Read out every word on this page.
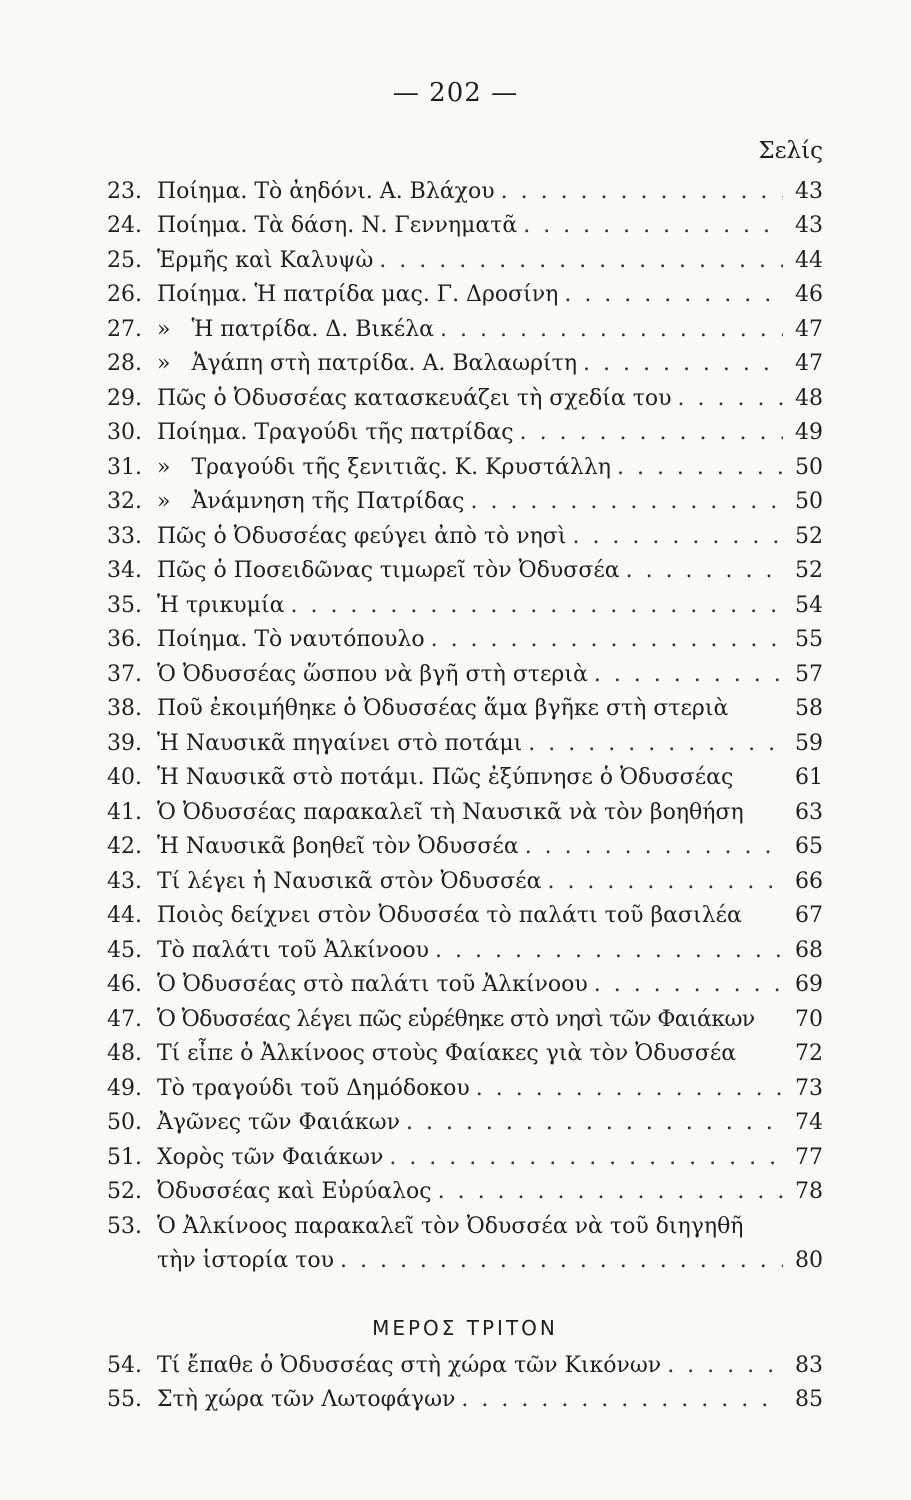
— 202 —
Σελίς
23. Ποίημα. Τὸ ἀηδόνι. Α. Βλάχου . . .	43
24. Ποίημα. Τὰ δάση. Ν. Γεννηματᾶ . . .	43
25. Ἑρμῆς καὶ Καλυψὼ . . .	44
26. Ποίημα. Ἡ πατρίδα μας. Γ. Δροσίνη . . .	46
27. »   Ἡ πατρίδα. Δ. Βικέλα . . .	47
28. »   Ἀγάπη στὴ πατρίδα. Α. Βαλαωρίτη . . .	47
29. Πῶς ὁ Ὀδυσσέας κατασκευάζει τὴ σχεδία του . . .	48
30. Ποίημα. Τραγούδι τῆς πατρίδας . . .	49
31. »   Τραγούδι τῆς ξενιτιᾶς. Κ. Κρυστάλλη . . .	50
32. »   Ἀνάμνηση τῆς Πατρίδας . . .	50
33. Πῶς ὁ Ὀδυσσέας φεύγει ἀπὸ τὸ νησὶ . . .	52
34. Πῶς ὁ Ποσειδῶνας τιμωρεῖ τὸν Ὀδυσσέα . . .	52
35. Ἡ τρικυμία . . .	54
36. Ποίημα. Τὸ ναυτόπουλο . . .	55
37. Ὁ Ὀδυσσέας ὥσπου νὰ βγῆ στὴ στεριὰ . . .	57
38. Ποῦ ἐκοιμήθηκε ὁ Ὀδυσσέας ἅμα βγῆκε στὴ στεριὰ	58
39. Ἡ Ναυσικᾶ πηγαίνει στὸ ποτάμι . . .	59
40. Ἡ Ναυσικᾶ στὸ ποτάμι. Πῶς ἐξύπνησε ὁ Ὀδυσσέας	61
41. Ὁ Ὀδυσσέας παρακαλεῖ τὴ Ναυσικᾶ νὰ τὸν βοηθήση	63
42. Ἡ Ναυσικᾶ βοηθεῖ τὸν Ὀδυσσέα . . .	65
43. Τί λέγει ἡ Ναυσικᾶ στὸν Ὀδυσσέα . . .	66
44. Ποιὸς δείχνει στὸν Ὀδυσσέα τὸ παλάτι τοῦ βασιλέα	67
45. Τὸ παλάτι τοῦ Ἀλκίνοου . . .	68
46. Ὁ Ὀδυσσέας στὸ παλάτι τοῦ Ἀλκίνοου . . .	69
47. Ὁ Ὀδυσσέας λέγει πῶς εὑρέθηκε στὸ νησὶ τῶν Φαιάκων	70
48. Τί εἶπε ὁ Ἀλκίνοος στοὺς Φαίακες γιὰ τὸν Ὀδυσσέα	72
49. Τὸ τραγούδι τοῦ Δημόδοκου . . .	73
50. Ἀγῶνες τῶν Φαιάκων . . .	74
51. Χορὸς τῶν Φαιάκων . . .	77
52. Ὀδυσσέας καὶ Εὐρύαλος . . .	78
53. Ὁ Ἀλκίνοος παρακαλεῖ τὸν Ὀδυσσέα νὰ τοῦ διηγηθῆ
τὴν ἱστορία του . . .	80
ΜΕΡΟΣ ΤΡΙΤΟΝ
54. Τί ἔπαθε ὁ Ὀδυσσέας στὴ χώρα τῶν Κικόνων . . .	83
55. Στὴ χώρα τῶν Λωτοφάγων . . .	85
